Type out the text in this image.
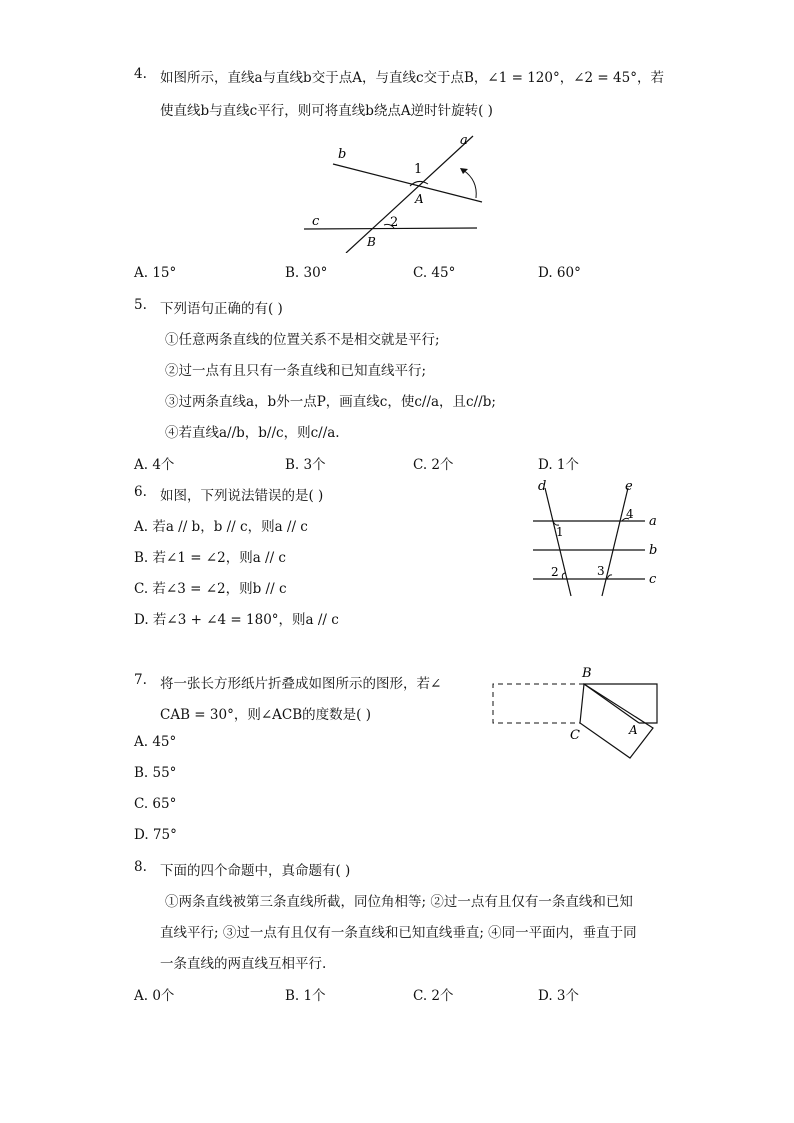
4. 如图所示，直线a与直线b交于点A，与直线c交于点B，∠1 = 120°，∠2 = 45°，若
使直线b与直线c平行，则可将直线b绕点A逆时针旋转( )
b
a
c
1
2
A
B
A. 15°	B. 30°	C. 45°	D. 60°
5. 下列语句正确的有( )
①任意两条直线的位置关系不是相交就是平行;
②过一点有且只有一条直线和已知直线平行;
③过两条直线a，b外一点P，画直线c，使c//a，且c//b;
④若直线a//b，b//c，则c//a.
A. 4个	B. 3个	C. 2个	D. 1个
6. 如图，下列说法错误的是( )
A. 若a // b，b // c，则a // c
B. 若∠1 = ∠2，则a // c
C. 若∠3 = ∠2，则b // c
D. 若∠3 + ∠4 = 180°，则a // c
d	e
a
b
c
1
2	3
4
7. 将一张长方形纸片折叠成如图所示的图形，若∠
CAB = 30°，则∠ACB的度数是( )
A. 45°
B. 55°
C. 65°
D. 75°
B
C	A
8. 下面的四个命题中，真命题有( )
①两条直线被第三条直线所截，同位角相等; ②过一点有且仅有一条直线和已知
直线平行; ③过一点有且仅有一条直线和已知直线垂直; ④同一平面内，垂直于同
一条直线的两直线互相平行.
A. 0个	B. 1个	C. 2个	D. 3个
